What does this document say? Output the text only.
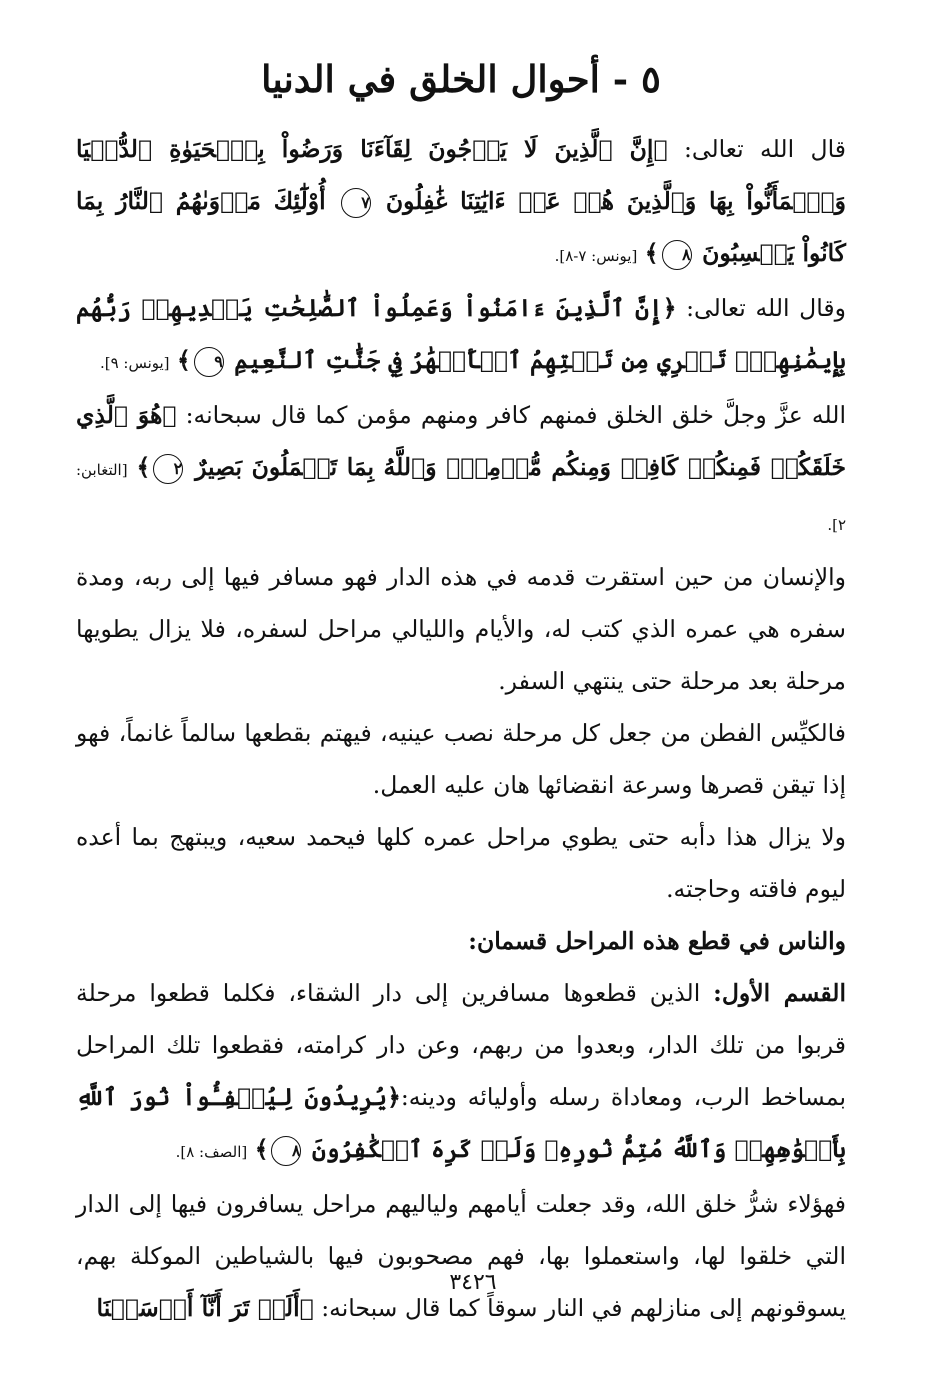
٥ - أحوال الخلق في الدنيا

قال الله تعالى: ﴿إِنَّ ٱلَّذِينَ لَا يَرۡجُونَ لِقَآءَنَا وَرَضُواْ بِٱلۡحَيَوٰةِ ٱلدُّنۡيَا وَٱطۡمَأَنُّواْ بِهَا وَٱلَّذِينَ هُمۡ عَنۡ ءَايَٰتِنَا غَٰفِلُونَ ٧ أُوْلَٰٓئِكَ مَأۡوَىٰهُمُ ٱلنَّارُ بِمَا كَانُواْ يَكۡسِبُونَ ٨﴾ [يونس: ٧-٨].

وقال الله تعالى: ﴿إِنَّ ٱلَّذِينَ ءَامَنُواْ وَعَمِلُواْ ٱلصَّٰلِحَٰتِ يَهۡدِيهِمۡ رَبُّهُم بِإِيمَٰنِهِمۡۖ تَجۡرِي مِن تَحۡتِهِمُ ٱلۡأَنۡهَٰرُ فِي جَنَّٰتِ ٱلنَّعِيمِ ٩﴾ [يونس: ٩].

الله عزَّ وجلَّ خلق الخلق فمنهم كافر ومنهم مؤمن كما قال سبحانه: ﴿هُوَ ٱلَّذِي خَلَقَكُمۡ فَمِنكُمۡ كَافِرٞ وَمِنكُم مُّؤۡمِنٞۚ وَٱللَّهُ بِمَا تَعۡمَلُونَ بَصِيرٌ ٢﴾ [التغابن: ٢].

والإنسان من حين استقرت قدمه في هذه الدار فهو مسافر فيها إلى ربه، ومدة سفره هي عمره الذي كتب له، والأيام والليالي مراحل لسفره، فلا يزال يطويها مرحلة بعد مرحلة حتى ينتهي السفر.

فالكيِّس الفطن من جعل كل مرحلة نصب عينيه، فيهتم بقطعها سالماً غانماً، فهو إذا تيقن قصرها وسرعة انقضائها هان عليه العمل.

ولا يزال هذا دأبه حتى يطوي مراحل عمره كلها فيحمد سعيه، ويبتهج بما أعده ليوم فاقته وحاجته.

والناس في قطع هذه المراحل قسمان:

القسم الأول: الذين قطعوها مسافرين إلى دار الشقاء، فكلما قطعوا مرحلة قربوا من تلك الدار، وبعدوا من ربهم، وعن دار كرامته، فقطعوا تلك المراحل بمساخط الرب، ومعاداة رسله وأوليائه ودينه:﴿يُرِيدُونَ لِيُطۡفِـُٔواْ نُورَ ٱللَّهِ بِأَفۡوَٰهِهِمۡ وَٱللَّهُ مُتِمُّ نُورِهِۦ وَلَوۡ كَرِهَ ٱلۡكَٰفِرُونَ ٨﴾ [الصف: ٨].

فهؤلاء شرُّ خلق الله، وقد جعلت أيامهم ولياليهم مراحل يسافرون فيها إلى الدار التي خلقوا لها، واستعملوا بها، فهم مصحوبون فيها بالشياطين الموكلة بهم، يسوقونهم إلى منازلهم في النار سوقاً كما قال سبحانه: ﴿أَلَمۡ تَرَ أَنَّآ أَرۡسَلۡنَا

٣٤٢٦
